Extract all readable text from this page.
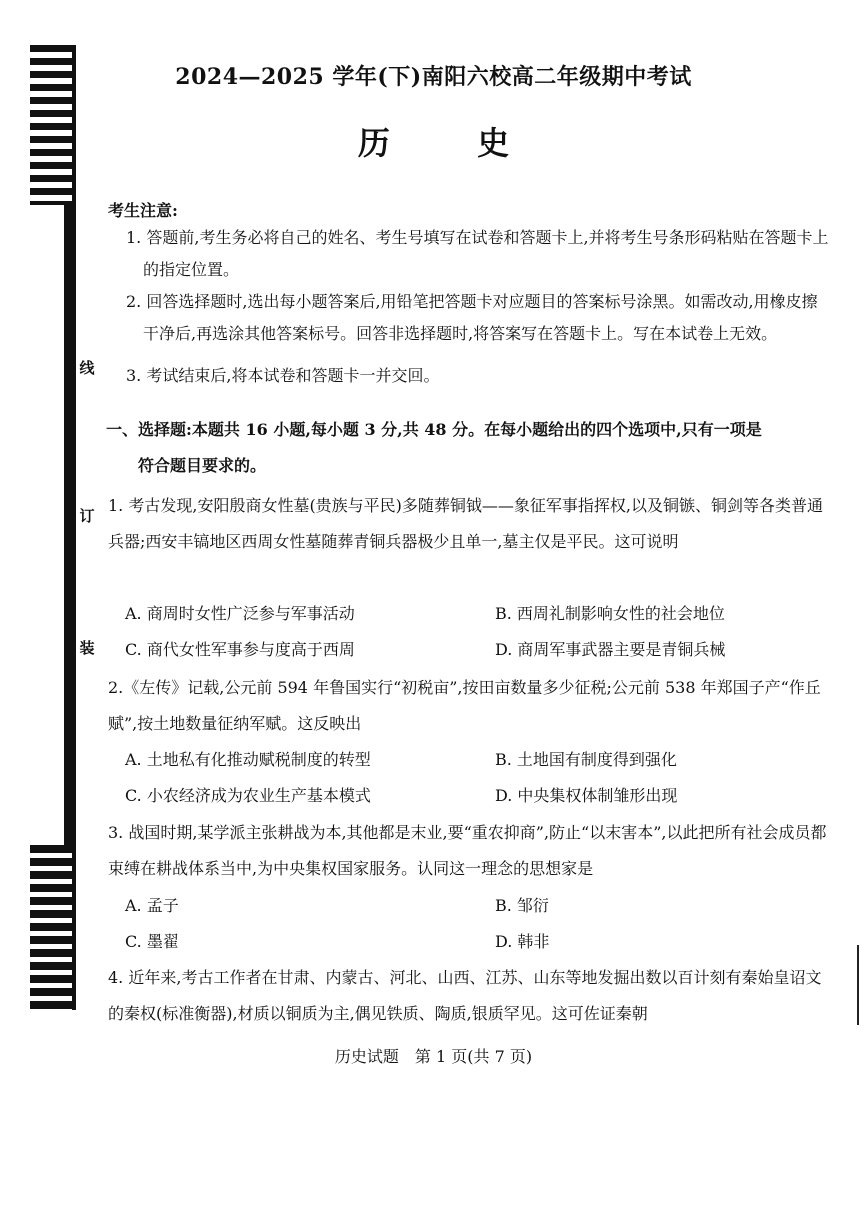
线
订
装
2024—2025 学年(下)南阳六校高二年级期中考试
历 史
考生注意:
1. 答题前,考生务必将自己的姓名、考生号填写在试卷和答题卡上,并将考生号条形码粘贴在答题卡上的指定位置。
2. 回答选择题时,选出每小题答案后,用铅笔把答题卡对应题目的答案标号涂黑。如需改动,用橡皮擦干净后,再选涂其他答案标号。回答非选择题时,将答案写在答题卡上。写在本试卷上无效。
3. 考试结束后,将本试卷和答题卡一并交回。
一、选择题:本题共 16 小题,每小题 3 分,共 48 分。在每小题给出的四个选项中,只有一项是
符合题目要求的。
1. 考古发现,安阳殷商女性墓(贵族与平民)多随葬铜钺——象征军事指挥权,以及铜镞、铜剑等各类普通兵器;西安丰镐地区西周女性墓随葬青铜兵器极少且单一,墓主仅是平民。这可说明
A. 商周时女性广泛参与军事活动	B. 西周礼制影响女性的社会地位
C. 商代女性军事参与度高于西周	D. 商周军事武器主要是青铜兵械
2.《左传》记载,公元前 594 年鲁国实行“初税亩”,按田亩数量多少征税;公元前 538 年郑国子产“作丘赋”,按土地数量征纳军赋。这反映出
A. 土地私有化推动赋税制度的转型	B. 土地国有制度得到强化
C. 小农经济成为农业生产基本模式	D. 中央集权体制雏形出现
3. 战国时期,某学派主张耕战为本,其他都是末业,要“重农抑商”,防止“以末害本”,以此把所有社会成员都束缚在耕战体系当中,为中央集权国家服务。认同这一理念的思想家是
A. 孟子	B. 邹衍
C. 墨翟	D. 韩非
4. 近年来,考古工作者在甘肃、内蒙古、河北、山西、江苏、山东等地发掘出数以百计刻有秦始皇诏文的秦权(标准衡器),材质以铜质为主,偶见铁质、陶质,银质罕见。这可佐证秦朝
历史试题　第 1 页(共 7 页)
